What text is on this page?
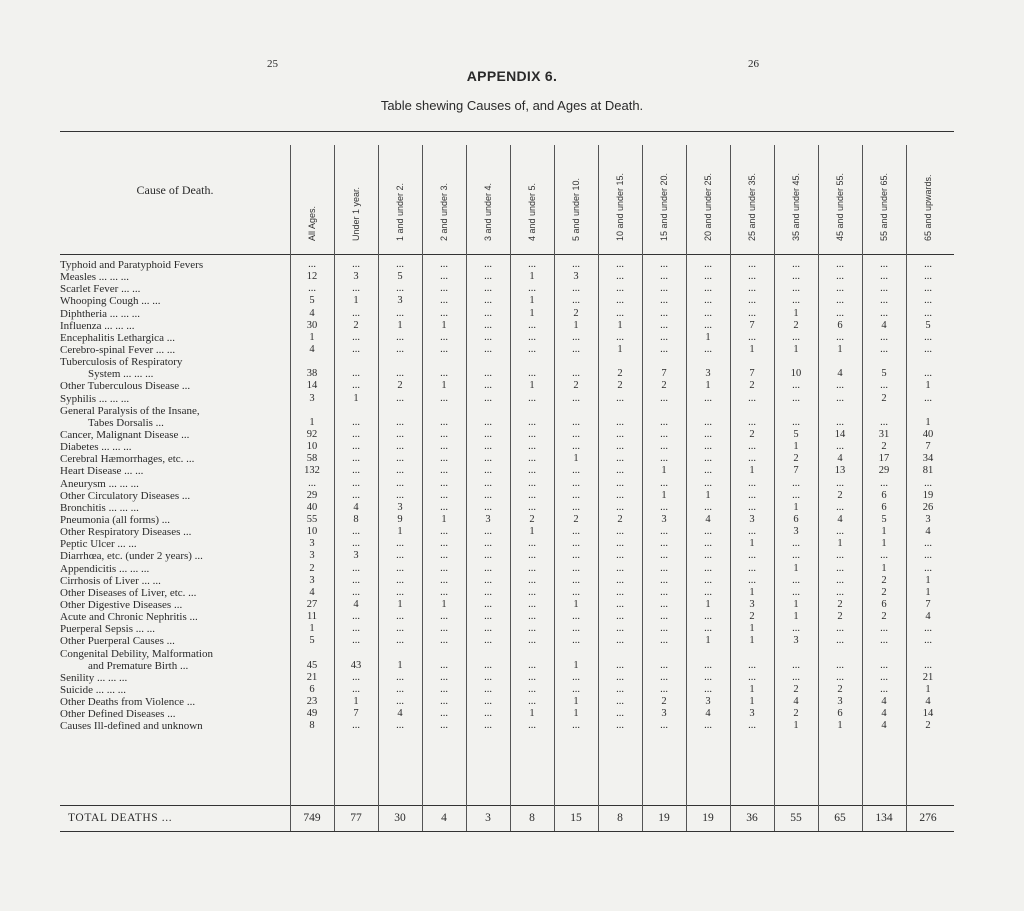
25	26
APPENDIX 6.
Table shewing Causes of, and Ages at Death.
Cause of Death.
All Ages.	Under 1 year.	1 and under 2.	2 and under 3.	3 and under 4.	4 and under 5.	5 and under 10.	10 and under 15.	15 and under 20.	20 and under 25.	25 and under 35.	35 and under 45.	45 and under 55.	55 and under 65.	65 and upwards.
Typhoid and Paratyphoid Fevers	...	...	...	...	...	...	...	...	...	...	...	...	...	...	...
Measles ... ... ...	12	3	5	...	...	1	3	...	...	...	...	...	...	...	...
Scarlet Fever ... ...	...	...	...	...	...	...	...	...	...	...	...	...	...	...	...
Whooping Cough ... ...	5	1	3	...	...	1	...	...	...	...	...	...	...	...	...
Diphtheria ... ... ...	4	...	...	...	...	1	2	...	...	...	...	1	...	...	...
Influenza ... ... ...	30	2	1	1	...	...	1	1	...	...	7	2	6	4	5
Encephalitis Lethargica ...	1	...	...	...	...	...	...	...	...	1	...	...	...	...	...
Cerebro-spinal Fever ... ...	4	...	...	...	...	...	...	1	...	...	1	1	1	...	...
Tuberculosis of Respiratory
System ... ... ...	38	...	...	...	...	...	...	2	7	3	7	10	4	5	...
Other Tuberculous Disease ...	14	...	2	1	...	1	2	2	2	1	2	...	...	...	1
Syphilis ... ... ...	3	1	...	...	...	...	...	...	...	...	...	...	...	2	...
General Paralysis of the Insane,
Tabes Dorsalis ...	1	...	...	...	...	...	...	...	...	...	...	...	...	...	1
Cancer, Malignant Disease ...	92	...	...	...	...	...	...	...	...	...	2	5	14	31	40
Diabetes ... ... ...	10	...	...	...	...	...	...	...	...	...	...	1	...	2	7
Cerebral Hæmorrhages, etc. ...	58	...	...	...	...	...	1	...	...	...	...	2	4	17	34
Heart Disease ... ...	132	...	...	...	...	...	...	...	1	...	1	7	13	29	81
Aneurysm ... ... ...	...	...	...	...	...	...	...	...	...	...	...	...	...	...	...
Other Circulatory Diseases ...	29	...	...	...	...	...	...	...	1	1	...	...	2	6	19
Bronchitis ... ... ...	40	4	3	...	...	...	...	...	...	...	...	1	...	6	26
Pneumonia (all forms) ...	55	8	9	1	3	2	2	2	3	4	3	6	4	5	3
Other Respiratory Diseases ...	10	...	1	...	...	1	...	...	...	...	...	3	...	1	4
Peptic Ulcer ... ...	3	...	...	...	...	...	...	...	...	...	1	...	1	1	...
Diarrhœa, etc. (under 2 years) ...	3	3	...	...	...	...	...	...	...	...	...	...	...	...	...
Appendicitis ... ... ...	2	...	...	...	...	...	...	...	...	...	...	1	...	1	...
Cirrhosis of Liver ... ...	3	...	...	...	...	...	...	...	...	...	...	...	...	2	1
Other Diseases of Liver, etc. ...	4	...	...	...	...	...	...	...	...	...	1	...	...	2	1
Other Digestive Diseases ...	27	4	1	1	...	...	1	...	...	1	3	1	2	6	7
Acute and Chronic Nephritis ...	11	...	...	...	...	...	...	...	...	...	2	1	2	2	4
Puerperal Sepsis ... ...	1	...	...	...	...	...	...	...	...	...	1	...	...	...	...
Other Puerperal Causes ...	5	...	...	...	...	...	...	...	...	1	1	3	...	...	...
Congenital Debility, Malformation
and Premature Birth ...	45	43	1	...	...	...	1	...	...	...	...	...	...	...	...
Senility ... ... ...	21	...	...	...	...	...	...	...	...	...	...	...	...	...	21
Suicide ... ... ...	6	...	...	...	...	...	...	...	...	...	1	2	2	...	1
Other Deaths from Violence ...	23	1	...	...	...	...	1	...	2	3	1	4	3	4	4
Other Defined Diseases ...	49	7	4	...	...	1	1	...	3	4	3	2	6	4	14
Causes Ill-defined and unknown	8	...	...	...	...	...	...	...	...	...	...	1	1	4	2
TOTAL DEATHS ...	749	77	30	4	3	8	15	8	19	19	36	55	65	134	276
